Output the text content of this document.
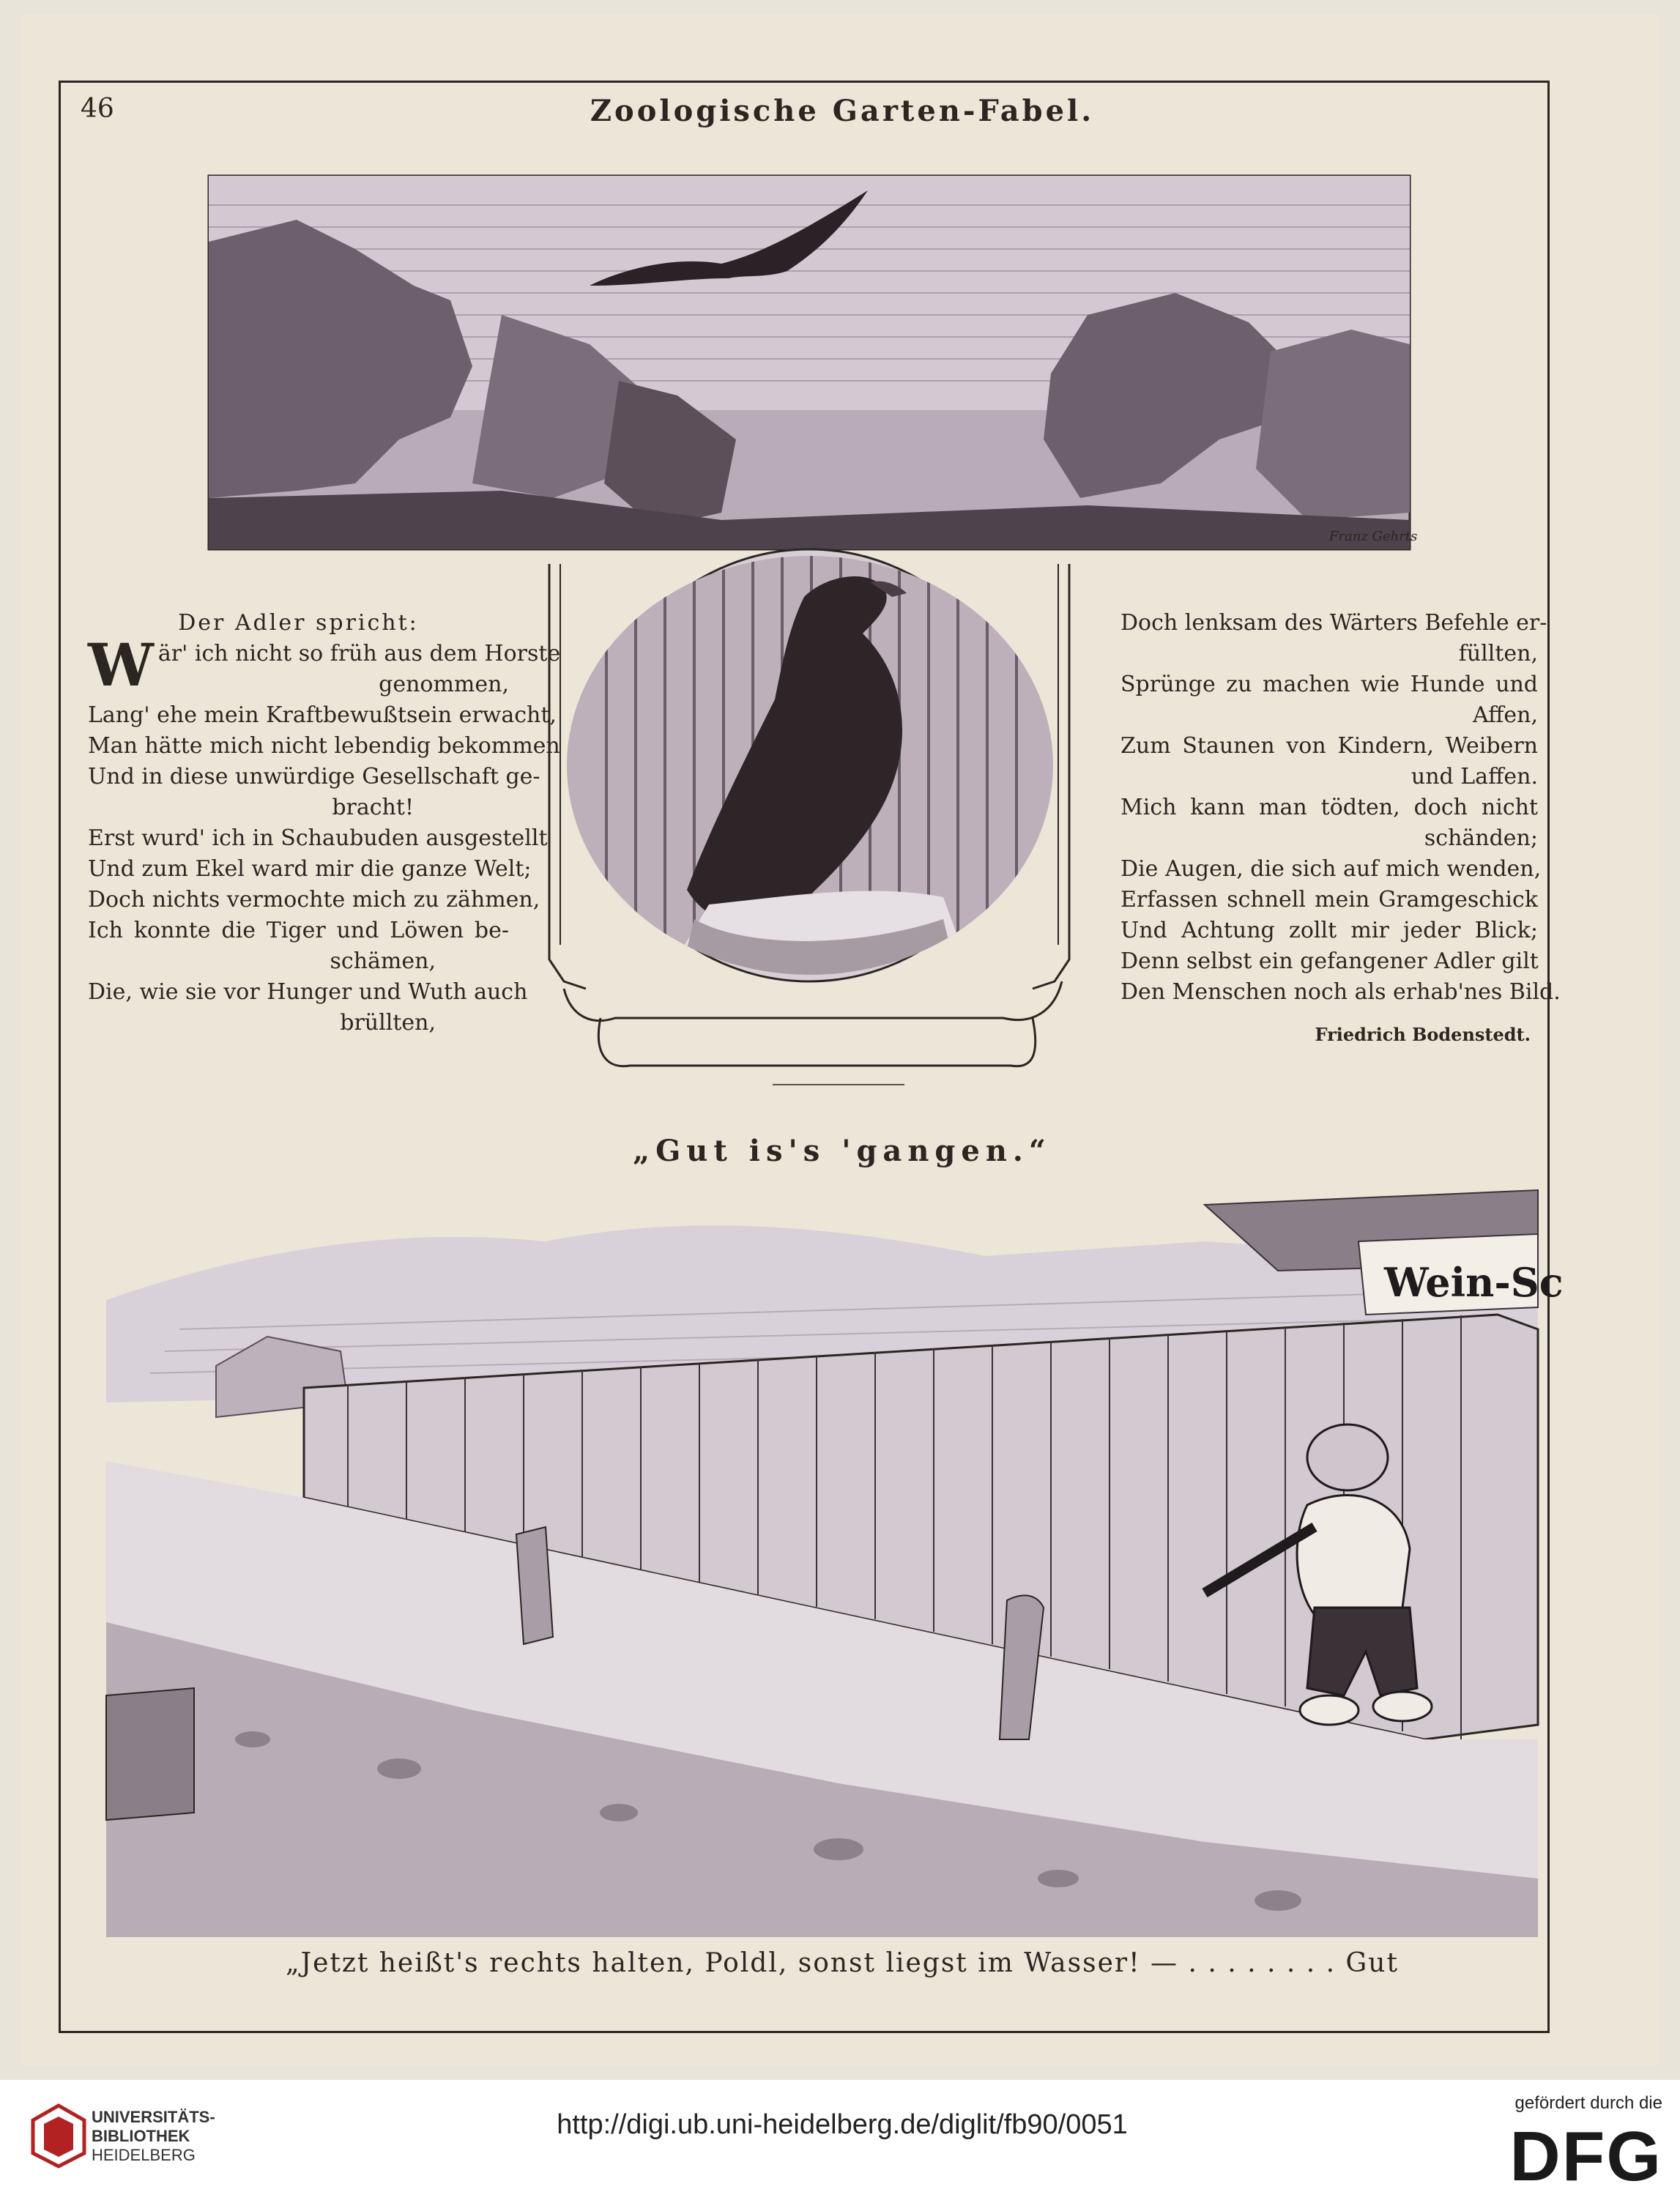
46	Zoologische Garten-Fabel.
Franz Gehrts
Der Adler spricht:
W är' ich nicht so früh aus dem Horste
genommen,
Lang' ehe mein Kraftbewußtsein erwacht,
Man hätte mich nicht lebendig bekommen
Und in diese unwürdige Gesellschaft ge-
bracht!
Erst wurd' ich in Schaubuden ausgestellt
Und zum Ekel ward mir die ganze Welt;
Doch nichts vermochte mich zu zähmen,
Ich konnte die Tiger und Löwen be-
schämen,
Die, wie sie vor Hunger und Wuth auch
brüllten,
Doch lenksam des Wärters Befehle er-
füllten,
Sprünge zu machen wie Hunde und
Affen,
Zum Staunen von Kindern, Weibern
und Laffen.
Mich kann man tödten, doch nicht
schänden;
Die Augen, die sich auf mich wenden,
Erfassen schnell mein Gramgeschick
Und Achtung zollt mir jeder Blick;
Denn selbst ein gefangener Adler gilt
Den Menschen noch als erhab'nes Bild.
Friedrich Bodenstedt.
„Gut is's 'gangen.“
Wein-Sc
„Jetzt heißt's rechts halten, Poldl, sonst liegst im Wasser! — . . . . . . . . Gut
UNIVERSITÄTS-
BIBLIOTHEK
HEIDELBERG
http://digi.ub.uni-heidelberg.de/diglit/fb90/0051
gefördert durch die
DFG
